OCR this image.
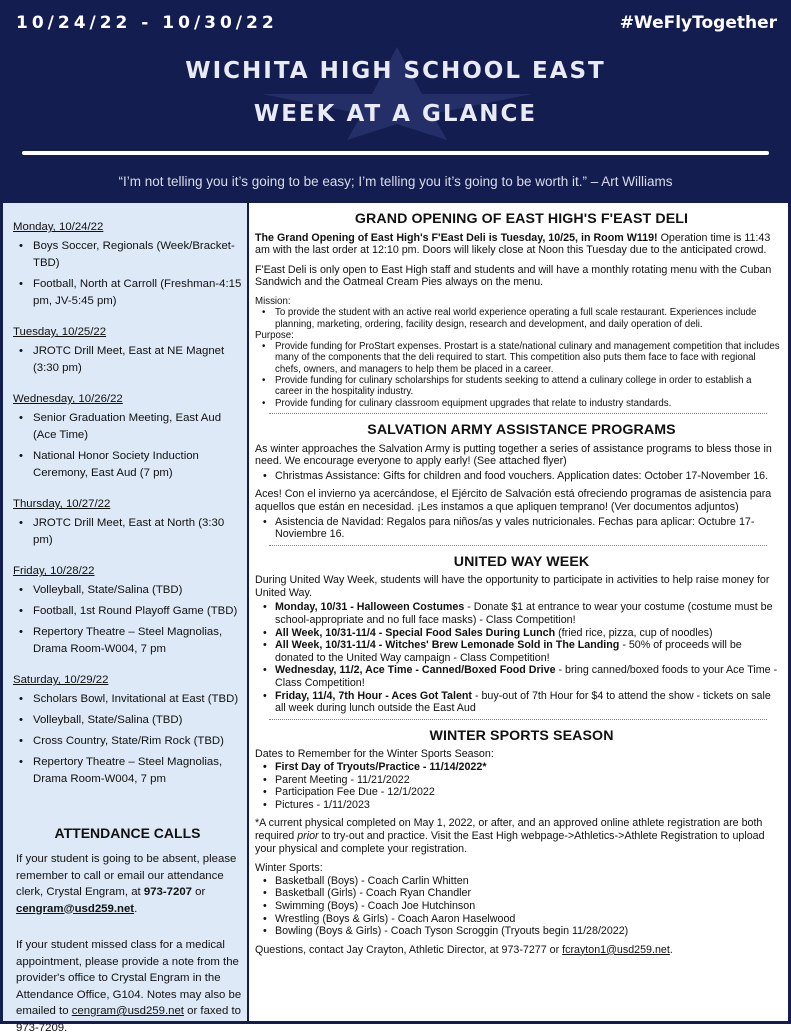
10/24/22 - 10/30/22	#WeFlyTogether
WICHITA HIGH SCHOOL EAST
WEEK AT A GLANCE
“I’m not telling you it’s going to be easy; I’m telling you it’s going to be worth it.” – Art Williams
Monday, 10/24/22
• Boys Soccer, Regionals (Week/Bracket-TBD)
• Football, North at Carroll (Freshman-4:15 pm, JV-5:45 pm)
Tuesday, 10/25/22
• JROTC Drill Meet, East at NE Magnet (3:30 pm)
Wednesday, 10/26/22
• Senior Graduation Meeting, East Aud (Ace Time)
• National Honor Society Induction Ceremony, East Aud (7 pm)
Thursday, 10/27/22
• JROTC Drill Meet, East at North (3:30 pm)
Friday, 10/28/22
• Volleyball, State/Salina (TBD)
• Football, 1st Round Playoff Game (TBD)
• Repertory Theatre – Steel Magnolias, Drama Room-W004, 7 pm
Saturday, 10/29/22
• Scholars Bowl, Invitational at East (TBD)
• Volleyball, State/Salina (TBD)
• Cross Country, State/Rim Rock (TBD)
• Repertory Theatre – Steel Magnolias, Drama Room-W004, 7 pm
ATTENDANCE CALLS
If your student is going to be absent, please remember to call or email our attendance clerk, Crystal Engram, at 973-7207 or cengram@usd259.net.
If your student missed class for a medical appointment, please provide a note from the provider's office to Crystal Engram in the Attendance Office, G104. Notes may also be emailed to cengram@usd259.net or faxed to 973-7209.
GRAND OPENING OF EAST HIGH'S F'EAST DELI
The Grand Opening of East High's F'East Deli is Tuesday, 10/25, in Room W119! Operation time is 11:43 am with the last order at 12:10 pm. Doors will likely close at Noon this Tuesday due to the anticipated crowd.
F'East Deli is only open to East High staff and students and will have a monthly rotating menu with the Cuban Sandwich and the Oatmeal Cream Pies always on the menu.
Mission:
• To provide the student with an active real world experience operating a full scale restaurant. Experiences include planning, marketing, ordering, facility design, research and development, and daily operation of deli.
Purpose:
• Provide funding for ProStart expenses. Prostart is a state/national culinary and management competition that includes many of the components that the deli required to start. This competition also puts them face to face with regional chefs, owners, and managers to help them be placed in a career.
• Provide funding for culinary scholarships for students seeking to attend a culinary college in order to establish a career in the hospitality industry.
• Provide funding for culinary classroom equipment upgrades that relate to industry standards.
SALVATION ARMY ASSISTANCE PROGRAMS
As winter approaches the Salvation Army is putting together a series of assistance programs to bless those in need. We encourage everyone to apply early! (See attached flyer)
• Christmas Assistance: Gifts for children and food vouchers. Application dates: October 17-November 16.
Aces! Con el invierno ya acercándose, el Ejército de Salvación está ofreciendo programas de asistencia para aquellos que están en necesidad. ¡Les instamos a que apliquen temprano! (Ver documentos adjuntos)
• Asistencia de Navidad: Regalos para niños/as y vales nutricionales. Fechas para aplicar: Octubre 17-Noviembre 16.
UNITED WAY WEEK
During United Way Week, students will have the opportunity to participate in activities to help raise money for United Way.
• Monday, 10/31 - Halloween Costumes - Donate $1 at entrance to wear your costume (costume must be school-appropriate and no full face masks) - Class Competition!
• All Week, 10/31-11/4 - Special Food Sales During Lunch (fried rice, pizza, cup of noodles)
• All Week, 10/31-11/4 - Witches' Brew Lemonade Sold in The Landing - 50% of proceeds will be donated to the United Way campaign - Class Competition!
• Wednesday, 11/2, Ace Time - Canned/Boxed Food Drive - bring canned/boxed foods to your Ace Time - Class Competition!
• Friday, 11/4, 7th Hour - Aces Got Talent - buy-out of 7th Hour for $4 to attend the show - tickets on sale all week during lunch outside the East Aud
WINTER SPORTS SEASON
Dates to Remember for the Winter Sports Season:
• First Day of Tryouts/Practice - 11/14/2022*
• Parent Meeting - 11/21/2022
• Participation Fee Due - 12/1/2022
• Pictures - 1/11/2023
*A current physical completed on May 1, 2022, or after, and an approved online athlete registration are both required prior to try-out and practice. Visit the East High webpage->Athletics->Athlete Registration to upload your physical and complete your registration.
Winter Sports:
• Basketball (Boys) - Coach Carlin Whitten
• Basketball (Girls) - Coach Ryan Chandler
• Swimming (Boys) - Coach Joe Hutchinson
• Wrestling (Boys & Girls) - Coach Aaron Haselwood
• Bowling (Boys & Girls) - Coach Tyson Scroggin (Tryouts begin 11/28/2022)
Questions, contact Jay Crayton, Athletic Director, at 973-7277 or fcrayton1@usd259.net.
